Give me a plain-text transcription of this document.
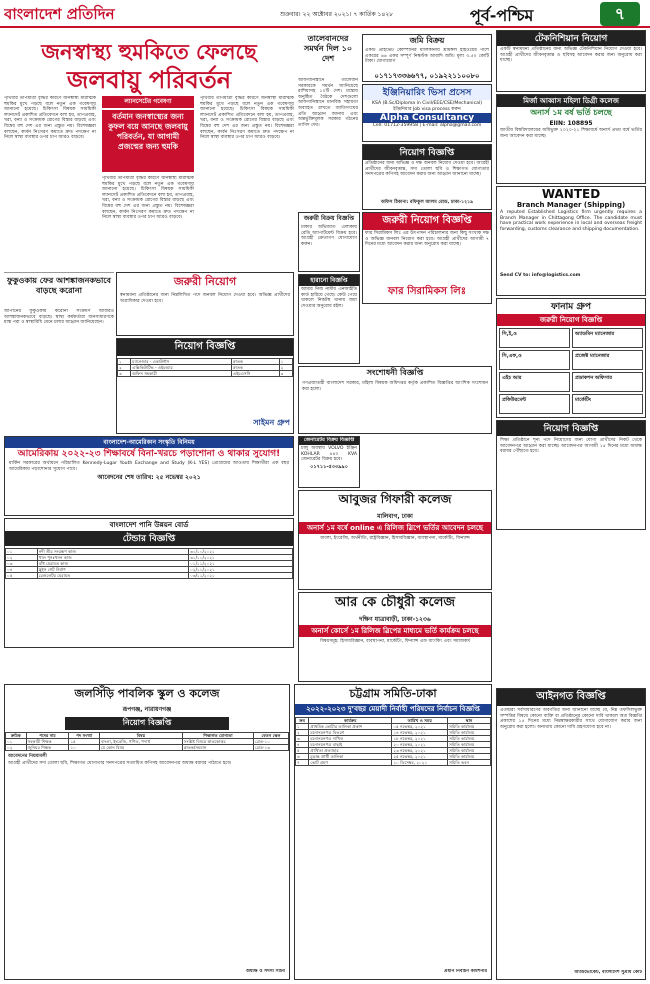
বাংলাদেশ প্রতিদিন	শুক্রবার। ২২ অক্টোবর ২০২১। ৭ কার্তিক ১৪২৮	পূর্ব-পশ্চিম	৭
জনস্বাস্থ্য হুমকিতে ফেলছে
জলবায়ু পরিবর্তন
পৃথিবীর তাপমাত্রা বৃদ্ধির কারণে জনস্বাস্থ্য মারাত্মক হুমকির মুখে পড়ছে বলে নতুন এক গবেষণায় জানানো হয়েছে। চিকিৎসা বিষয়ক সাময়িকী ল্যানসেট প্রকাশিত প্রতিবেদনে বলা হয়, তাপপ্রবাহ, খরা, বন্যা ও সংক্রামক রোগের বিস্তার বাড়ছে এবং বিশ্বের বহু দেশ এর জন্য প্রস্তুত নয়। বিশেষজ্ঞরা বলছেন, কার্বন নিঃসরণ কমাতে দ্রুত পদক্ষেপ না নিলে স্বাস্থ্য ব্যবস্থার ওপর চাপ আরও বাড়বে।
ল্যানসেটের গবেষণা
বর্তমান জনস্বাস্থ্যের জন্য কুফল বয়ে আনছে জলবায়ু পরিবর্তন, যা আগামী প্রজন্মের জন্য হুমকি
পৃথিবীর তাপমাত্রা বৃদ্ধির কারণে জনস্বাস্থ্য মারাত্মক হুমকির মুখে পড়ছে বলে নতুন এক গবেষণায় জানানো হয়েছে। চিকিৎসা বিষয়ক সাময়িকী ল্যানসেট প্রকাশিত প্রতিবেদনে বলা হয়, তাপপ্রবাহ, খরা, বন্যা ও সংক্রামক রোগের বিস্তার বাড়ছে এবং বিশ্বের বহু দেশ এর জন্য প্রস্তুত নয়। বিশেষজ্ঞরা বলছেন, কার্বন নিঃসরণ কমাতে দ্রুত পদক্ষেপ না নিলে স্বাস্থ্য ব্যবস্থার ওপর চাপ আরও বাড়বে।
পৃথিবীর তাপমাত্রা বৃদ্ধির কারণে জনস্বাস্থ্য মারাত্মক হুমকির মুখে পড়ছে বলে নতুন এক গবেষণায় জানানো হয়েছে। চিকিৎসা বিষয়ক সাময়িকী ল্যানসেট প্রকাশিত প্রতিবেদনে বলা হয়, তাপপ্রবাহ, খরা, বন্যা ও সংক্রামক রোগের বিস্তার বাড়ছে এবং বিশ্বের বহু দেশ এর জন্য প্রস্তুত নয়। বিশেষজ্ঞরা বলছেন, কার্বন নিঃসরণ কমাতে দ্রুত পদক্ষেপ না নিলে স্বাস্থ্য ব্যবস্থার ওপর চাপ আরও বাড়বে।
তালেবানদের সমর্থন দিল ১০ দেশ
আফগানিস্তানে তালেবান সরকারকে সমর্থন জানিয়েছে রাশিয়াসহ ১০টি দেশ। মস্কোয় অনুষ্ঠিত বৈঠকে দেশগুলো আফগানিস্তানে মানবিক সহায়তা অব্যাহত রাখতে জাতিসংঘের প্রতি আহ্বান জানায় এবং অন্তর্ভুক্তিমূলক সরকার গঠনের তাগিদ দেয়।
ফুকুওকায় ফের আশঙ্কাজনকভাবে বাড়ছে করোনা
জাপানের ফুকুওকায় করোনা সংক্রমণ আবারও আশঙ্কাজনকভাবে বাড়ছে। স্বাস্থ্য কর্মকর্তারা জনসাধারণকে মাস্ক পরা ও স্বাস্থ্যবিধি মেনে চলার আহ্বান জানিয়েছেন।
জমি বিক্রয়
একটি প্রাইভেট কোম্পানির মালিকানায় শ্রীমঙ্গল হাইওয়ের পাশে একরের ৬৬ একর সম্পূর্ণ নিষ্কণ্টক আবাদি জমি। মূল্য ৩.৫০ কোটি টাকা। যোগাযোগ
০১৭১৭৩৩৬৬৭৭, ০১৯২২১১০০৮০
ইঞ্জিনিয়ারিং ভিসা প্রসেস
KSA (B.Sc/Diploma in Civil/EEE/CSE/Mechanical) ইঞ্জিনিয়ার Job visa process করুন
Alpha Consultancy
Cell: 01712-359958 | E-mail: alpha@gmail.com
নিয়োগ বিজ্ঞপ্তি
প্রতিষ্ঠানের জন্য অভিজ্ঞ ও দক্ষ জনবল নিয়োগ দেওয়া হবে। আগ্রহী প্রার্থীদের জীবনবৃত্তান্ত, সদ্য তোলা ছবি ও শিক্ষাগত যোগ্যতার সনদপত্রের কপিসহ আবেদন করার জন্য আহ্বান জানানো যাচ্ছে।
অফিস ঠিকানা: রফিকুল আলম রোড, ঢাকা-১২১৯
জরুরী বিক্রয় বিজ্ঞপ্তি
ঢাকার অভিজাত এলাকায় রেডি অ্যাপার্টমেন্ট বিক্রয় হবে। আগ্রহী ক্রেতাগণ যোগাযোগ করুন।
জরুরী নিয়োগ বিজ্ঞপ্তি
ফার সিরামিকস লিঃ এর উৎপাদন পরিচালনার জন্য কিছু সংখ্যক দক্ষ ও অভিজ্ঞ জনবল নিয়োগ করা হবে। আগ্রহী প্রার্থীদের আগামী ৭ দিনের মধ্যে আবেদন করার জন্য অনুরোধ করা যাচ্ছে।
ফার সিরামিকস লিঃ
হারানো বিজ্ঞপ্তি
আমার নিজ নামীয় এনআইডি কার্ড হারিয়ে গেছে। কেউ পেয়ে থাকলে নিকটস্থ থানায় জমা দেওয়ার অনুরোধ রইল।
জরুরী নিয়োগ
স্বনামধন্য প্রতিষ্ঠানের জন্য নিম্নলিখিত পদে জনবল নিয়োগ দেওয়া হবে। অভিজ্ঞ প্রার্থীদের অগ্রাধিকার দেওয়া হবে।
নিয়োগ বিজ্ঞপ্তি
১	ম্যানেজার - একাউন্টস	স্নাতক	১
২	এক্সিকিউটিভ - এইচআর	স্নাতক	২
৩	অফিস সহকারী	এইচএসসি	৩
সাইমন গ্রুপ
সংশোধনী বিজ্ঞপ্তি
গণপ্রজাতন্ত্রী বাংলাদেশ সরকার, মহিলা বিষয়ক অধিদপ্তর কর্তৃক প্রকাশিত বিজ্ঞপ্তির আংশিক সংশোধন করা হলো।
জেনারেটর বিক্রয় বিজ্ঞপ্তি
চালু অবস্থায় VOLVO ইঞ্জিন KOHLAR ৪৪০ KVA জেনারেটর বিক্রয় হবে।
০১৭১১-৫৩৩৯৯০
বাংলাদেশ-আমেরিকান সংস্কৃতি বিনিময়
আমেরিকায় ২০২২-২৩ শিক্ষাবর্ষে বিনা-খরচে পড়াশোনা ও থাকার সুযোগ!
মার্কিন সরকারের অর্থায়নে পরিচালিত Kennedy-Lugar Youth Exchange and Study (K-L YES) প্রোগ্রামের আওতায় শিক্ষার্থীরা এক বছর আমেরিকায় পড়াশোনার সুযোগ পাবে।
আবেদনের শেষ তারিখ: ২৫ নভেম্বর ২০২১
বাংলাদেশ পানি উন্নয়ন বোর্ড
টেন্ডার বিজ্ঞপ্তি
০১	নদী তীর সংরক্ষণ কাজ	৩০/১০/২০২১
০২	খাল পুনঃখনন কাজ	৩১/১০/২০২১
০৩	বাঁধ মেরামত কাজ	০১/১১/২০২১
০৪	স্লুইস গেট নির্মাণ	০২/১১/২০২১
০৫	রেগুলেটর মেরামত	০৩/১১/২০২১
আবুজর গিফারী কলেজ
মালিবাগ, ঢাকা
অনার্স ১ম বর্ষে online এ রিলিজ স্লিপে ভর্তির আবেদন চলছে
বাংলা, ইংরেজি, অর্থনীতি, রাষ্ট্রবিজ্ঞান, হিসাববিজ্ঞান, ব্যবস্থাপনা, মার্কেটিং, ফিন্যান্স
আর কে চৌধুরী কলেজ
দক্ষিণ যাত্রাবাড়ী, ঢাকা-১২৩৬
অনার্স কোর্সে ১ম রিলিজ স্লিপের মাধ্যমে ভর্তি কার্যক্রম চলছে
বিষয়সমূহ: হিসাববিজ্ঞান, ব্যবস্থাপনা, মার্কেটিং, ফিন্যান্স এন্ড ব্যাংকিং এবং সমাজকর্ম
টেকনিশিয়ান নিয়োগ
একটি স্বনামধন্য প্রতিষ্ঠানের জন্য অভিজ্ঞ টেকনিশিয়ান নিয়োগ দেওয়া হবে। আগ্রহী প্রার্থীদের জীবনবৃত্তান্ত ও ছবিসহ আবেদন করার জন্য অনুরোধ করা যাচ্ছে।
মির্জা আব্বাস মহিলা ডিগ্রী কলেজ
অনার্স ১ম বর্ষ ভর্তি চলছে
EIIN: 108895
জাতীয় বিশ্ববিদ্যালয়ের অধিভুক্ত ২০২০-২১ শিক্ষাবর্ষে অনার্স প্রথম বর্ষে ভর্তির জন্য আবেদন করা যাচ্ছে।
WANTED
Branch Manager (Shipping)
A reputed Established Logistics firm urgently requires a Branch Manager in Chittagong Office. The candidate must have practical work experience in local and overseas freight forwarding, customs clearance and shipping documentation.
Send CV to: info@logistics.com
ফানাম গ্রুপ
জরুরী নিয়োগ বিজ্ঞপ্তি
সি,ই,ও	অ্যাডমিন ম্যানেজার
সি,এফ,ও	প্রজেক্ট ম্যানেজার
এইচ আর	প্রডাকশন অফিসার
প্রকিউরমেন্ট	মার্কেটিং
নিয়োগ বিজ্ঞপ্তি
শিক্ষা প্রতিষ্ঠানে শূন্য পদে নিয়োগের জন্য যোগ্য প্রার্থীদের নিকট থেকে আবেদনপত্র আহ্বান করা যাচ্ছে। আবেদনপত্র আগামী ১৫ দিনের মধ্যে অধ্যক্ষ বরাবর পৌঁছাতে হবে।
আইনগত বিজ্ঞপ্তি
এতদ্বারা সর্বসাধারণের অবগতির জন্য জানানো যাচ্ছে যে, নিম্ন তফসিলভুক্ত সম্পত্তির বিষয়ে কোনো ব্যক্তি বা প্রতিষ্ঠানের কোনো দাবি থাকলে অত্র বিজ্ঞপ্তি প্রকাশের ১৫ দিনের মধ্যে নিম্নস্বাক্ষরকারীর সাথে যোগাযোগ করার জন্য অনুরোধ করা হলো। অন্যথায় কোনো দাবি গ্রহণযোগ্য হবে না।
অ্যাডভোকেট, বাংলাদেশ সুপ্রীম কোর্ট
জলসিঁড়ি পাবলিক স্কুল ও কলেজ
রূপগঞ্জ, নারায়ণগঞ্জ
নিয়োগ বিজ্ঞপ্তি
ক্রমিক	পদের নাম	পদ সংখ্যা	বিষয়	শিক্ষাগত যোগ্যতা	বেতন স্কেল
০১	সহকারী শিক্ষক	১৫	বাংলা, ইংরেজি, গণিত, পদার্থ	সংশ্লিষ্ট বিষয়ে স্নাতকোত্তর	গ্রেড-১০
০২	জুনিয়র শিক্ষক	১০	যে কোন বিষয়	স্নাতক/সমমান	গ্রেড-১৩
আবেদনের নিয়মাবলী
আগ্রহী প্রার্থীদের সদ্য তোলা ছবি, শিক্ষাগত যোগ্যতার সনদপত্রের সত্যায়িত কপিসহ আবেদনপত্র অধ্যক্ষ বরাবর পাঠাতে হবে।
অধ্যক্ষ ও সদস্য সচিব
চট্টগ্রাম সমিতি-ঢাকা
২০২২-২০২৩ দু’বছর মেয়াদী নির্বাহী পরিষদের নির্বাচন বিজ্ঞপ্তি
ক্রম	কার্যক্রম	তারিখ ও সময়	স্থান
১	প্রাথমিক ভোটার তালিকা প্রকাশ	০৫ নভেম্বর, ২০২১	সমিতি কার্যালয়
২	মনোনয়নপত্র বিতরণ	১৪ নভেম্বর, ২০২১	সমিতি কার্যালয়
৩	মনোনয়নপত্র দাখিল	১৮ নভেম্বর, ২০২১	সমিতি কার্যালয়
৪	মনোনয়নপত্র বাছাই	২০ নভেম্বর, ২০২১	সমিতি কার্যালয়
৫	প্রার্থিতা প্রত্যাহার	২৩ নভেম্বর, ২০২১	সমিতি কার্যালয়
৬	চূড়ান্ত প্রার্থী তালিকা	২৫ নভেম্বর, ২০২১	সমিতি কার্যালয়
৭	ভোট গ্রহণ	১০ ডিসেম্বর, ২০২১	সমিতি ভবন
প্রধান নির্বাচন কমিশনার
